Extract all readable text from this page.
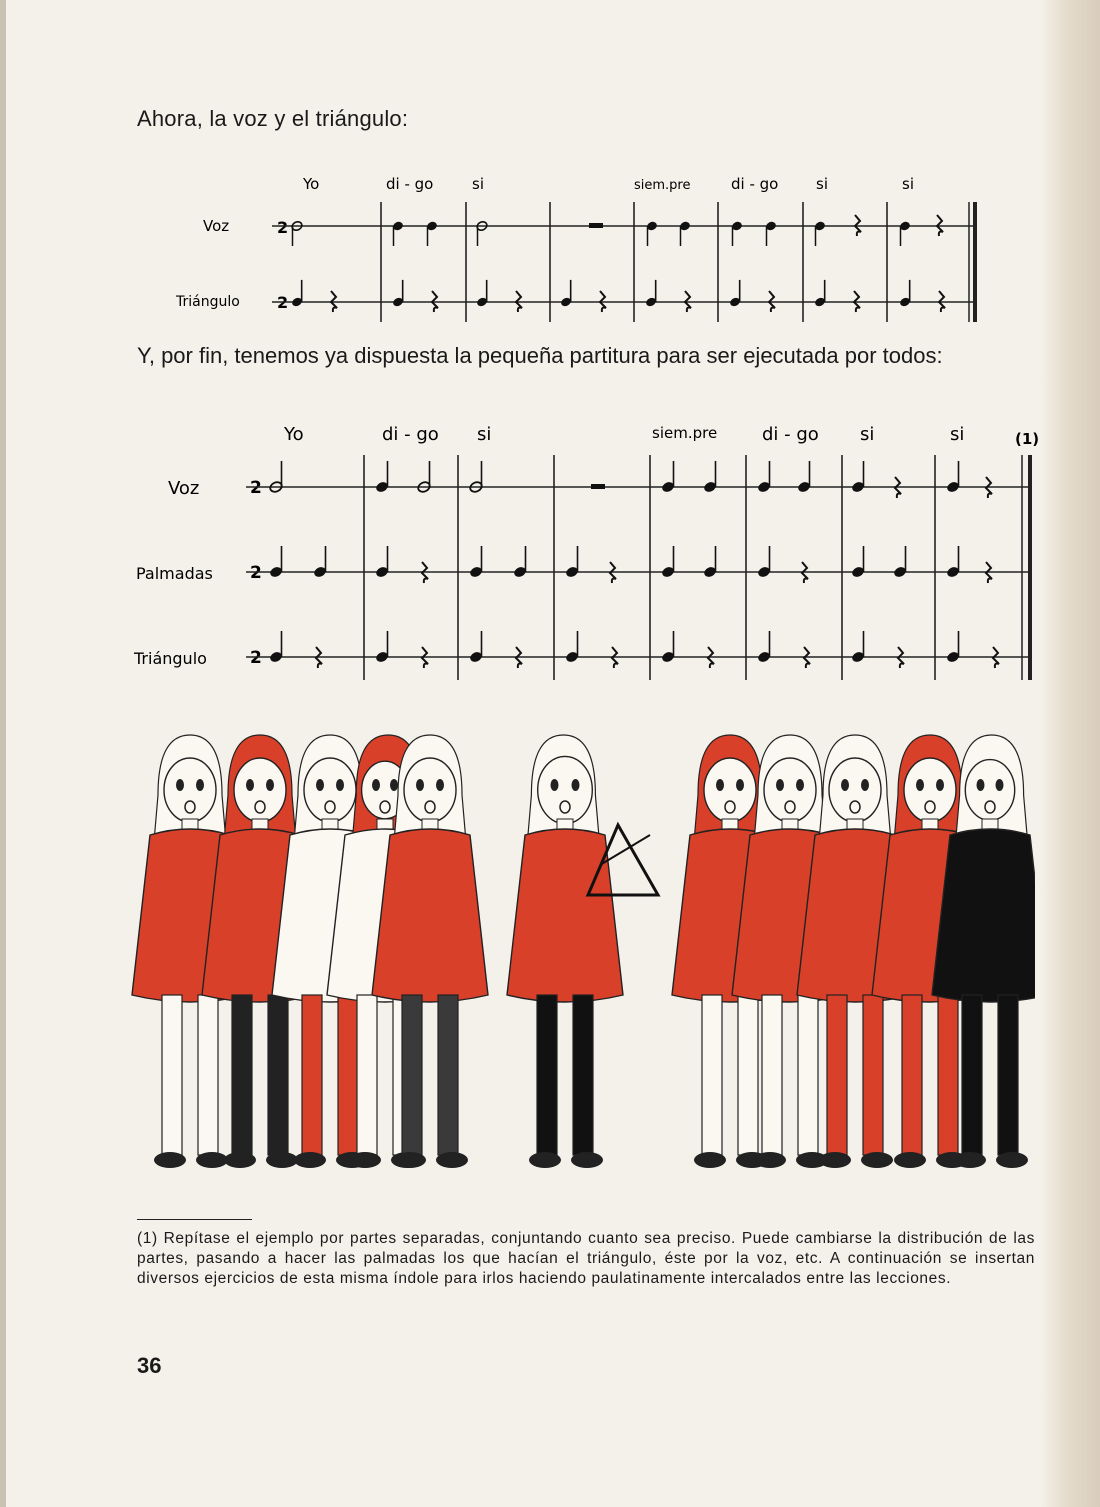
Ahora, la voz y el triángulo:
Yo	di - go	si	siem.pre	di - go	si	si
Voz
Triángulo
2
2
Y, por fin, tenemos ya dispuesta la pequeña partitura para ser ejecutada por todos:
Yo	di - go si	siem.pre di - go si	si	(1)
Voz
Palmadas
Triángulo
2
2
2
(1) Repítase el ejemplo por partes separadas, conjuntando cuanto sea preciso. Puede cambiarse la distribución de las partes, pasando a hacer las palmadas los que hacían el triángulo, éste por la voz, etc. A continuación se insertan diversos ejercicios de esta misma índole para irlos haciendo paulatinamente intercalados entre las lecciones.
36
